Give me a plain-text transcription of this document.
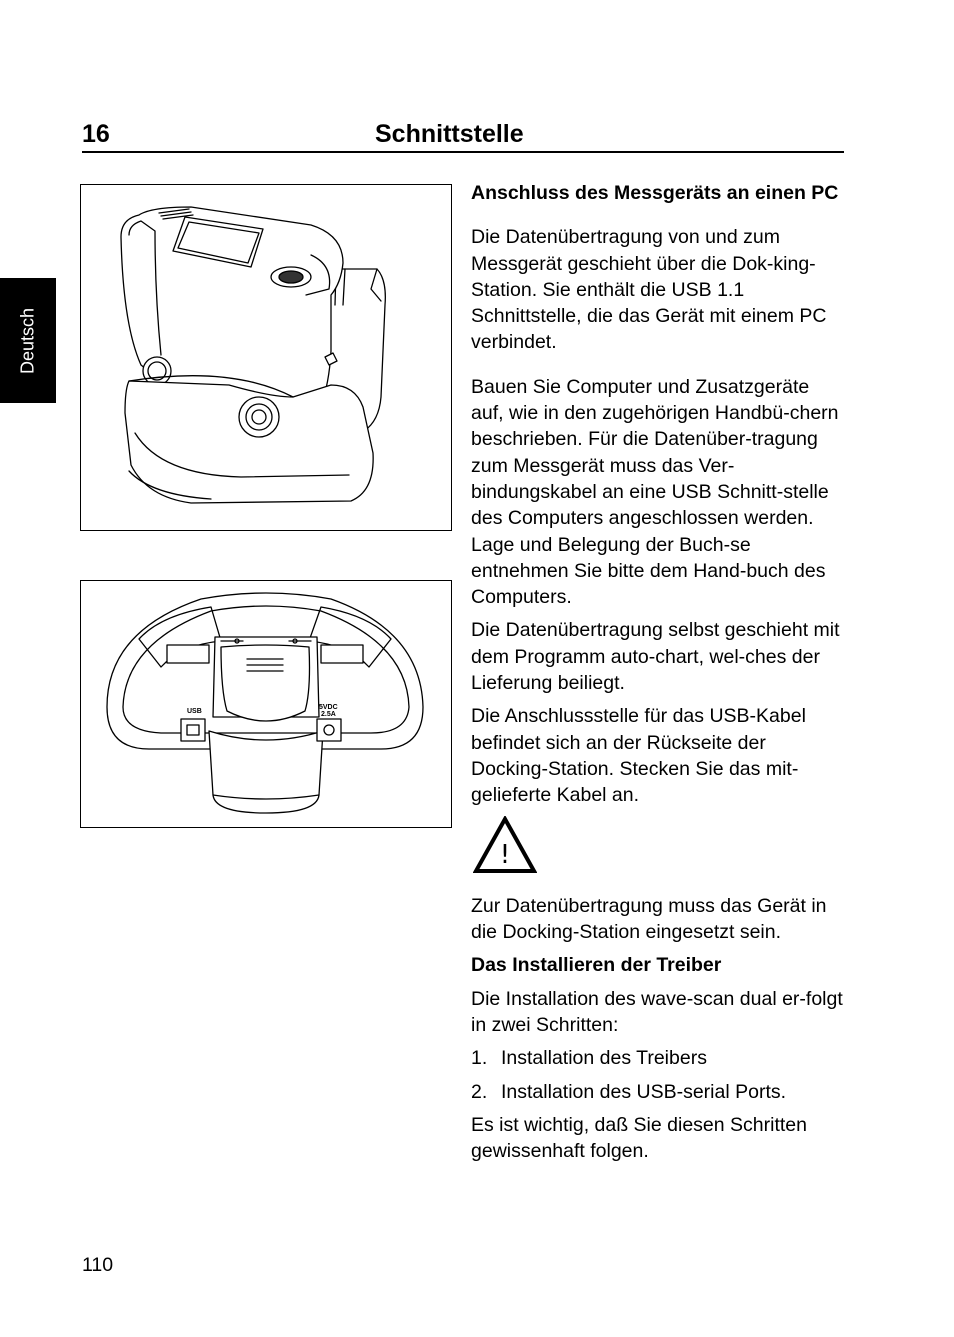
Deutsch
16	Schnittstelle
USB
5VDC
2.5A

Anschluss des Messgeräts an einen PC

Die Datenübertragung von und zum Messgerät geschieht über die Dok-king-Station. Sie enthält die USB 1.1 Schnittstelle, die das Gerät mit einem PC verbindet.

Bauen Sie Computer und Zusatzgeräte auf, wie in den zugehörigen Handbü-chern beschrieben. Für die Datenüber-tragung zum Messgerät muss das Ver-bindungskabel an eine USB Schnitt-stelle des Computers angeschlossen werden. Lage und Belegung der Buch-se entnehmen Sie bitte dem Hand-buch des Computers.

Die Datenübertragung selbst geschieht mit dem Programm auto-chart, wel-ches der Lieferung beiliegt.

Die Anschlussstelle für das USB-Kabel befindet sich an der Rückseite der Docking-Station. Stecken Sie das mit-gelieferte Kabel an.

!

Zur Datenübertragung muss das Gerät in die Docking-Station eingesetzt sein.

Das Installieren der Treiber

Die Installation des wave-scan dual er-folgt in zwei Schritten:

1. Installation des Treibers
2. Installation des USB-serial Ports.

Es ist wichtig, daß Sie diesen Schritten gewissenhaft folgen.

110
